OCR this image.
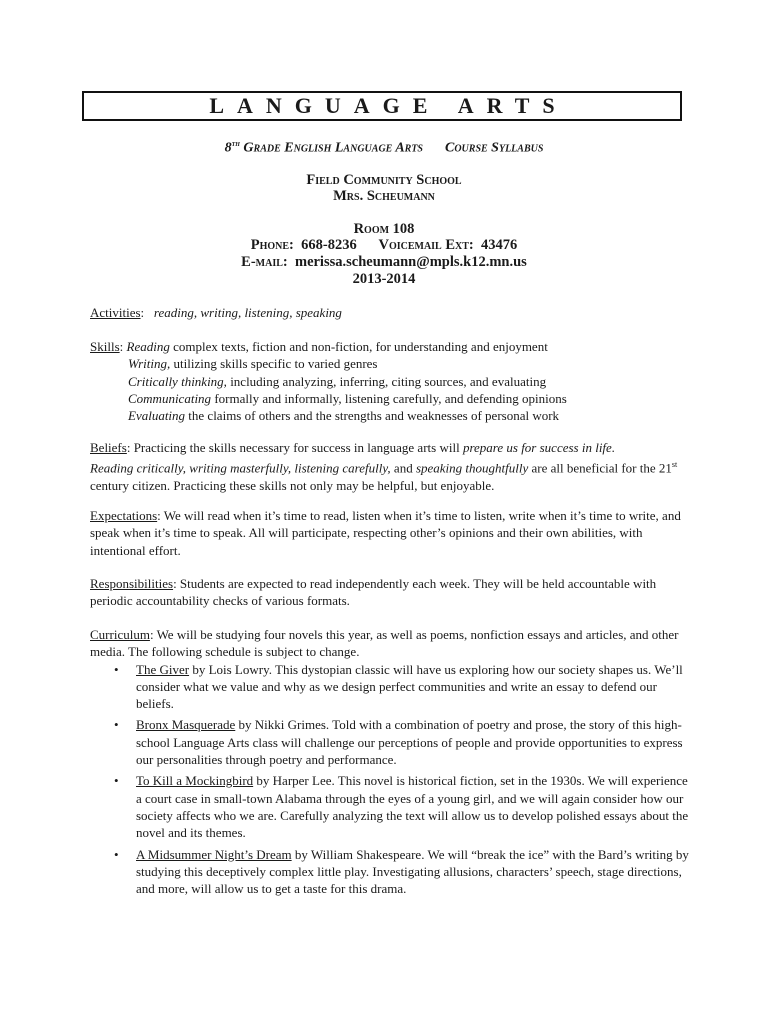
LANGUAGE ARTS
8th Grade English Language Arts Course Syllabus
Field Community School
Mrs. Scheumann
Room 108
Phone: 668-8236 Voicemail Ext: 43476
E-mail: merissa.scheumann@mpls.k12.mn.us
2013-2014
Activities:   reading, writing, listening, speaking
Skills: Reading complex texts, fiction and non-fiction, for understanding and enjoyment
Writing, utilizing skills specific to varied genres
Critically thinking, including analyzing, inferring, citing sources, and evaluating
Communicating formally and informally, listening carefully, and defending opinions
Evaluating the claims of others and the strengths and weaknesses of personal work
Beliefs: Practicing the skills necessary for success in language arts will prepare us for success in life.
Reading critically, writing masterfully, listening carefully, and speaking thoughtfully are all beneficial for the 21st
century citizen. Practicing these skills not only may be helpful, but enjoyable.
Expectations: We will read when it’s time to read, listen when it’s time to listen, write when it’s time to write, and speak when it’s time to speak. All will participate, respecting other’s opinions and their own abilities, with intentional effort.
Responsibilities: Students are expected to read independently each week. They will be held accountable with periodic accountability checks of various formats.
Curriculum: We will be studying four novels this year, as well as poems, nonfiction essays and articles, and other media. The following schedule is subject to change.
• The Giver by Lois Lowry. This dystopian classic will have us exploring how our society shapes us. We’ll consider what we value and why as we design perfect communities and write an essay to defend our beliefs.
• Bronx Masquerade by Nikki Grimes. Told with a combination of poetry and prose, the story of this high-school Language Arts class will challenge our perceptions of people and provide opportunities to express our personalities through poetry and performance.
• To Kill a Mockingbird by Harper Lee. This novel is historical fiction, set in the 1930s. We will experience a court case in small-town Alabama through the eyes of a young girl, and we will again consider how our society affects who we are. Carefully analyzing the text will allow us to develop polished essays about the novel and its themes.
• A Midsummer Night’s Dream by William Shakespeare. We will “break the ice” with the Bard’s writing by studying this deceptively complex little play. Investigating allusions, characters’ speech, stage directions, and more, will allow us to get a taste for this drama.
